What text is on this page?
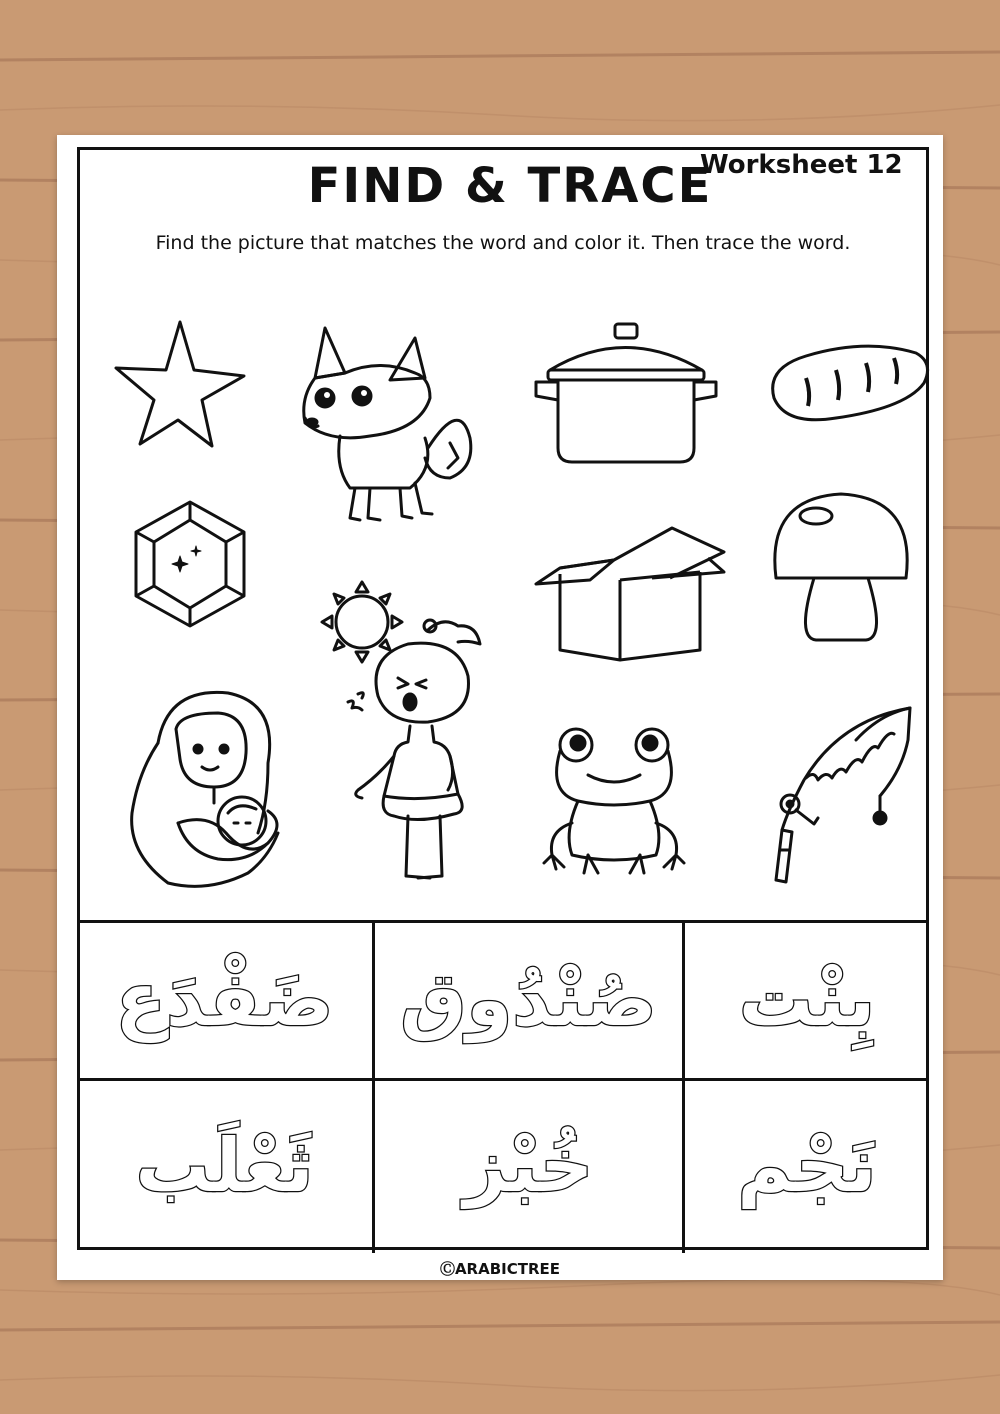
FIND & TRACE
Worksheet 12

Find the picture that matches the word and color it. Then trace the word.

ضَفْدَع صُنْدُوق بِنْت
ثَعْلَب خُبْز نَجْم
ⒸARABICTREE
